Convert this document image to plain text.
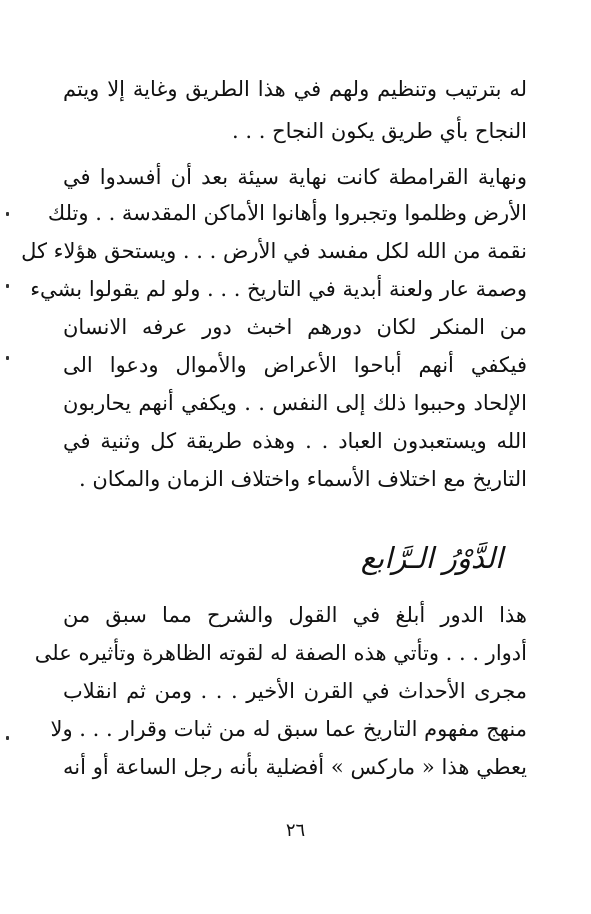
له بترتيب وتنظيم ولهم في هذا الطريق وغاية إلا ويتم
النجاح بأي طريق يكون النجاح . . .
ونهاية القرامطة كانت نهاية سيئة بعد أن أفسدوا في
الأرض وظلموا وتجبروا وأهانوا الأماكن المقدسة . . وتلك
نقمة من الله لكل مفسد في الأرض . . . ويستحق هؤلاء كل
وصمة عار ولعنة أبدية في التاريخ . . . ولو لم يقولوا بشيء
من المنكر لكان دورهم اخبث دور عرفه الانسان
فيكفي أنهم أباحوا الأعراض والأموال ودعوا الى
الإلحاد وحببوا ذلك إلى النفس . . ويكفي أنهم يحاربون
الله ويستعبدون العباد . . وهذه طريقة كل وثنية في
التاريخ مع اختلاف الأسماء واختلاف الزمان والمكان .
الدَّوْرُ الـرَّابع
هذا الدور أبلغ في القول والشرح مما سبق من
أدوار . . . وتأتي هذه الصفة له لقوته الظاهرة وتأثيره على
مجرى الأحداث في القرن الأخير . . . ومن ثم انقلاب
منهج مفهوم التاريخ عما سبق له من ثبات وقرار . . . ولا
يعطي هذا « ماركس » أفضلية بأنه رجل الساعة أو أنه
٢٦
